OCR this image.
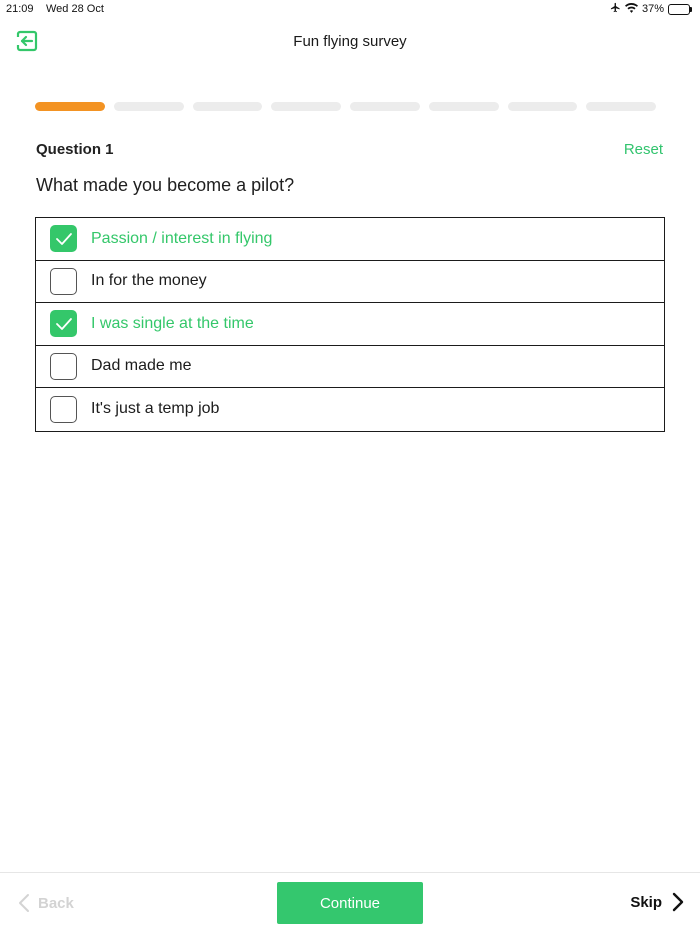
21:09 Wed 28 Oct	37%
Fun flying survey
Question 1	Reset
What made you become a pilot?
Passion / interest in flying
In for the money
I was single at the time
Dad made me
It's just a temp job
Back	Continue	Skip
